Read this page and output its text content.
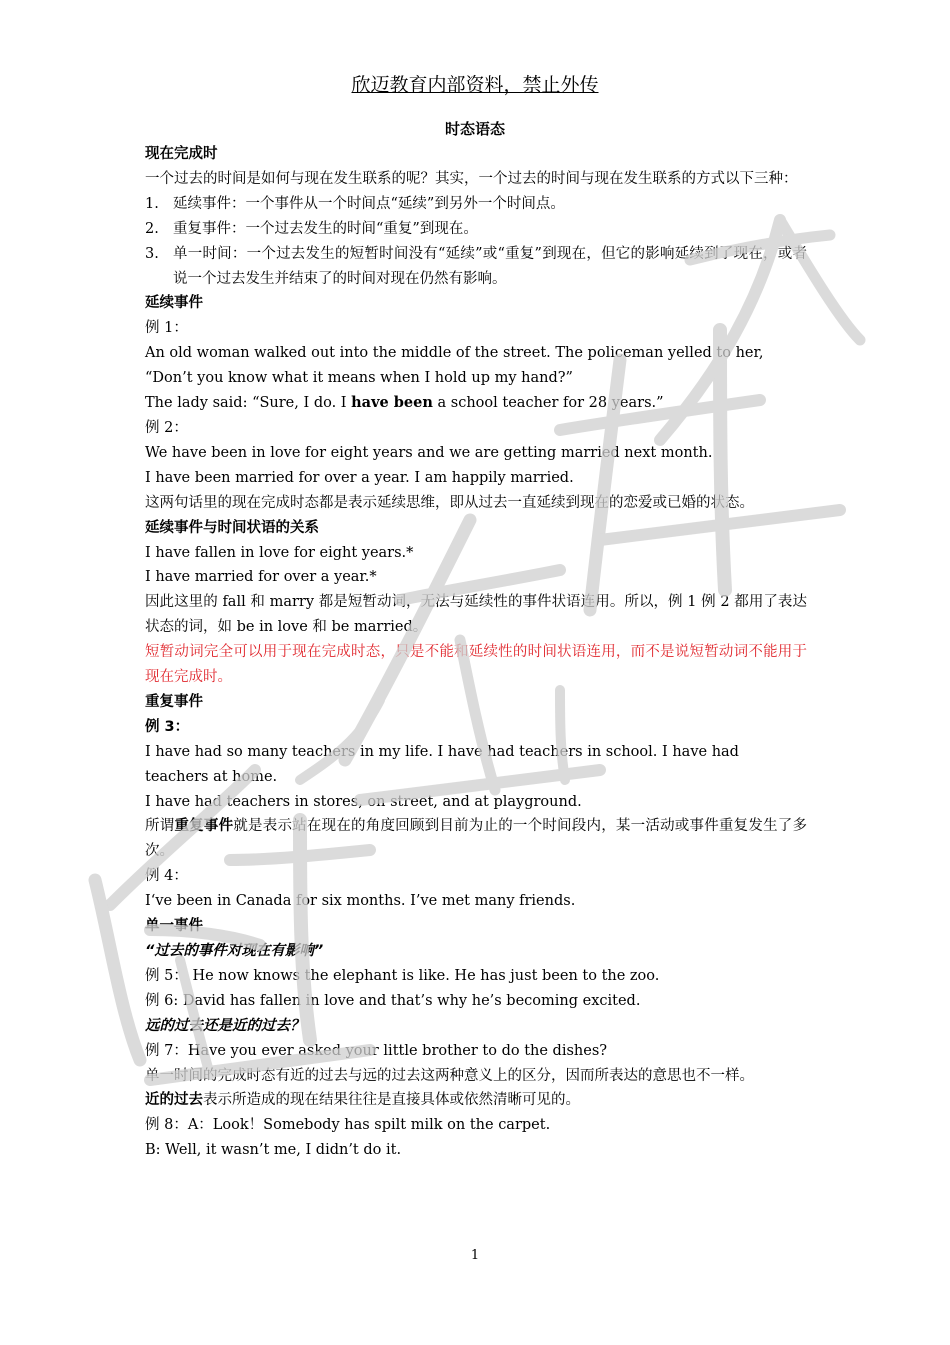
欣迈教育内部资料，禁止外传
时态语态

现在完成时

一个过去的时间是如何与现在发生联系的呢？其实，一个过去的时间与现在发生联系的方式以下三种：

1. 延续事件：一个事件从一个时间点“延续”到另外一个时间点。
2. 重复事件：一个过去发生的时间“重复”到现在。
3. 单一时间：一个过去发生的短暂时间没有“延续”或“重复”到现在，但它的影响延续到了现在，或者说一个过去发生并结束了的时间对现在仍然有影响。

延续事件

例 1：

An old woman walked out into the middle of the street. The policeman yelled to her, “Don’t you know what it means when I hold up my hand?”

The lady said: “Sure, I do. I have been a school teacher for 28 years.”

例 2：

We have been in love for eight years and we are getting married next month.

I have been married for over a year. I am happily married.

这两句话里的现在完成时态都是表示延续思维，即从过去一直延续到现在的恋爱或已婚的状态。

延续事件与时间状语的关系

I have fallen in love for eight years.*

I have married for over a year.*

因此这里的 fall 和 marry 都是短暂动词，无法与延续性的事件状语连用。所以，例 1 例 2 都用了表达状态的词，如 be in love 和 be married。

短暂动词完全可以用于现在完成时态，只是不能和延续性的时间状语连用，而不是说短暂动词不能用于现在完成时。

重复事件

例 3：

I have had so many teachers in my life. I have had teachers in school. I have had teachers at home.

I have had teachers in stores, on street, and at playground.

所谓重复事件就是表示站在现在的角度回顾到目前为止的一个时间段内，某一活动或事件重复发生了多次。

例 4：

I‘ve been in Canada for six months. I’ve met many friends.

单一事件

“过去的事件对现在有影响”

例 5： He now knows the elephant is like. He has just been to the zoo.

例 6: David has fallen in love and that’s why he’s becoming excited.

远的过去还是近的过去？

例 7：Have you ever asked your little brother to do the dishes?

单一时间的完成时态有近的过去与远的过去这两种意义上的区分，因而所表达的意思也不一样。

近的过去表示所造成的现在结果往往是直接具体或依然清晰可见的。

例 8：A：Look！Somebody has spilt milk on the carpet.

B: Well, it wasn’t me, I didn’t do it.

1
